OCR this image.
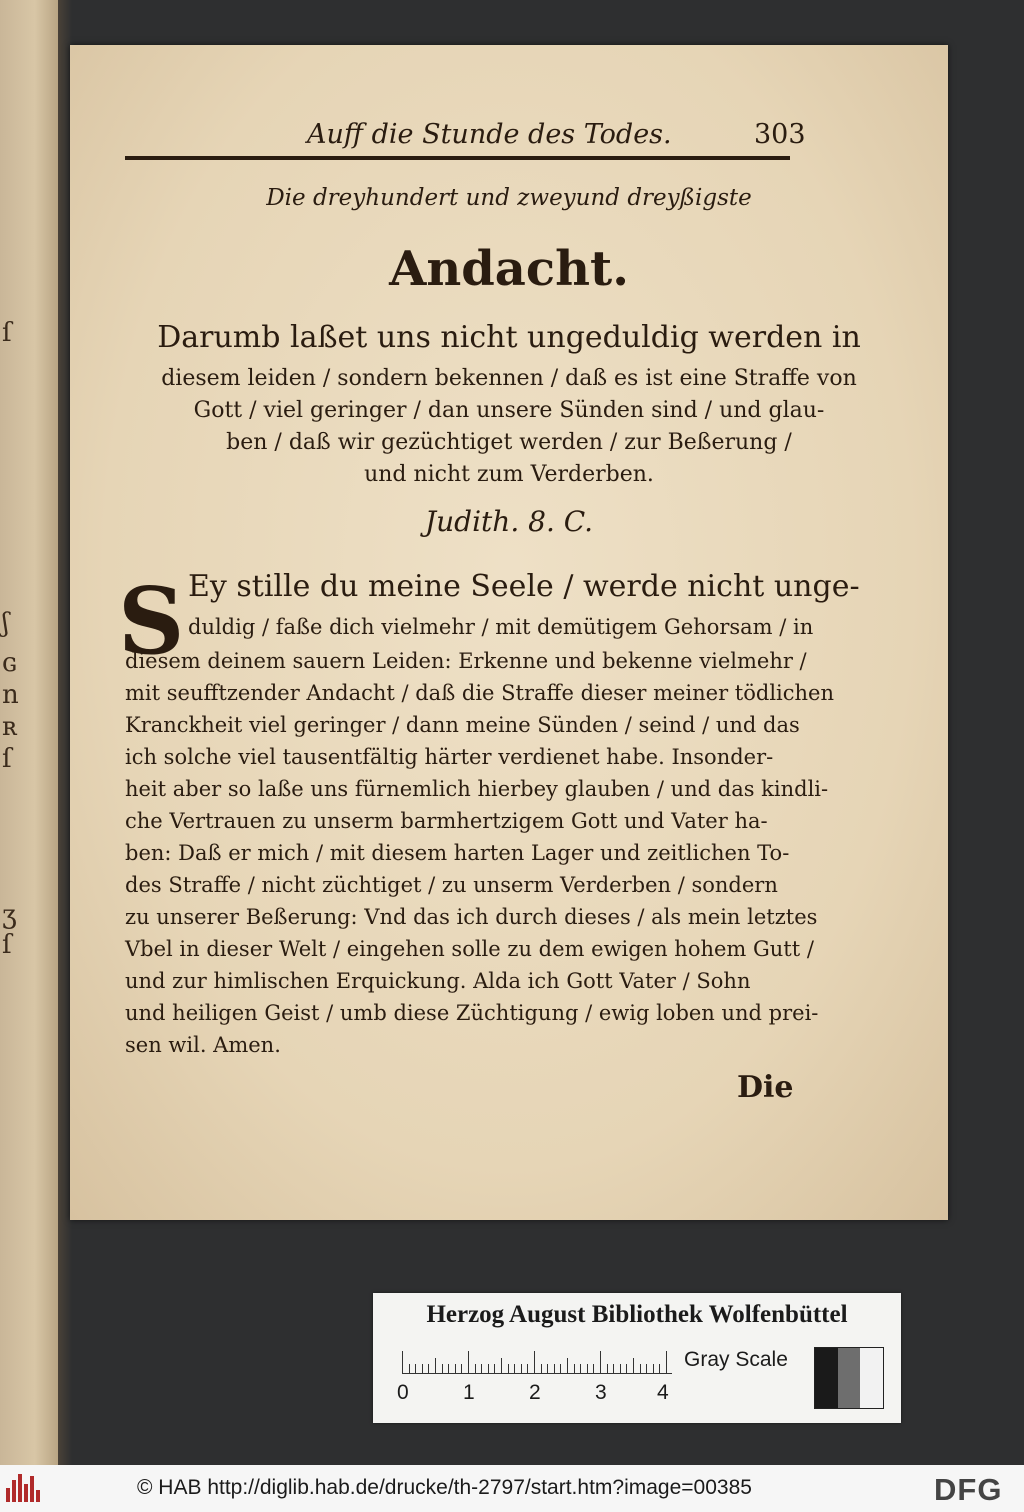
ſ
ʃ
ɢ
n
ʀ
ſ
ʒ
ſ
Auff die Stunde des Todes.	303
Die dreyhundert und zweyund dreyßigste
Andacht.
Darumb laßet uns nicht ungeduldig werden in
diesem leiden / sondern bekennen / daß es ist eine Straffe von
Gott / viel geringer / dan unsere Sünden sind / und glau-
ben / daß wir gezüchtiget werden / zur Beßerung /
und nicht zum Verderben.
Judith. 8. C.
S Ey stille du meine Seele / werde nicht unge-
duldig / faße dich vielmehr / mit demütigem Gehorsam / in
diesem deinem sauern Leiden: Erkenne und bekenne vielmehr /
mit seufftzender Andacht / daß die Straffe dieser meiner tödlichen
Kranckheit viel geringer / dann meine Sünden / seind / und das
ich solche viel tausentfältig härter verdienet habe. Insonder-
heit aber so laße uns fürnemlich hierbey glauben / und das kindli-
che Vertrauen zu unserm barmhertzigem Gott und Vater ha-
ben: Daß er mich / mit diesem harten Lager und zeitlichen To-
des Straffe / nicht züchtiget / zu unserm Verderben / sondern
zu unserer Beßerung: Vnd das ich durch dieses / als mein letztes
Vbel in dieser Welt / eingehen solle zu dem ewigen hohem Gutt /
und zur himlischen Erquickung. Alda ich Gott Vater / Sohn
und heiligen Geist / umb diese Züchtigung / ewig loben und prei-
sen wil. Amen.
Die
Herzog August Bibliothek Wolfenbüttel
0	1	2	3 4
Gray Scale
© HAB http://diglib.hab.de/drucke/th-2797/start.htm?image=00385	DFG
